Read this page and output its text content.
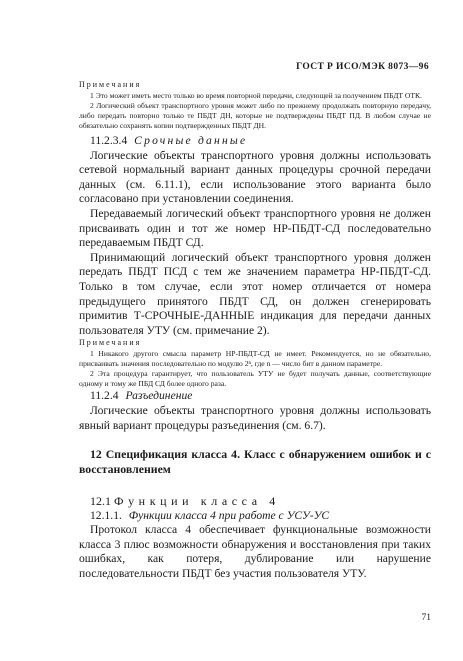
ГОСТ Р ИСО/МЭК 8073—96

Примечания

1 Это может иметь место только во время повторной передачи, следующей за получением ПБДТ ОТК.

2 Логический объект транспортного уровня может либо по прежнему продолжать повторную передачу, либо передать повторно только те ПБДТ ДН, которые не подтверждены ПБДТ ПД. В любом случае не обязательно сохранять копии подтвержденных ПБДТ ДН.

11.2.3.4 Срочные данные

Логические объекты транспортного уровня должны использовать сетевой нормальный вариант данных процедуры срочной передачи данных (см. 6.11.1), если использование этого варианта было согласовано при установлении соединения.

Передаваемый логический объект транспортного уровня не должен присваивать один и тот же номер НР-ПБДТ-СД последовательно передаваемым ПБДТ СД.

Принимающий логический объект транспортного уровня должен передать ПБДТ ПСД с тем же значением параметра НР-ПБДТ-СД. Только в том случае, если этот номер отличается от номера предыдущего принятого ПБДТ СД, он должен сгенерировать примитив Т-СРОЧНЫЕ-ДАННЫЕ индикация для передачи данных пользователя УТУ (см. примечание 2).

Примечания

1 Никакого другого смысла параметр НР-ПБДТ-СД не имеет. Рекомендуется, но не обязательно, присваивать значения последовательно по модулю 2ⁿ, где n — число бит в данном параметре.

2 Эта процедура гарантирует, что пользователь УТУ не будет получать данные, соответствующие одному и тому же ПБД СД более одного раза.

11.2.4 Разъединение

Логические объекты транспортного уровня должны использовать явный вариант процедуры разъединения (см. 6.7).

12 Спецификация класса 4. Класс с обнаружением ошибок и с восстановлением

12.1 Функции класса 4

12.1.1. Функции класса 4 при работе с УСУ-УС

Протокол класса 4 обеспечивает функциональные возможности класса 3 плюс возможности обнаружения и восстановления при таких ошибках, как потеря, дублирование или нарушение последовательности ПБДТ без участия пользователя УТУ.

71
